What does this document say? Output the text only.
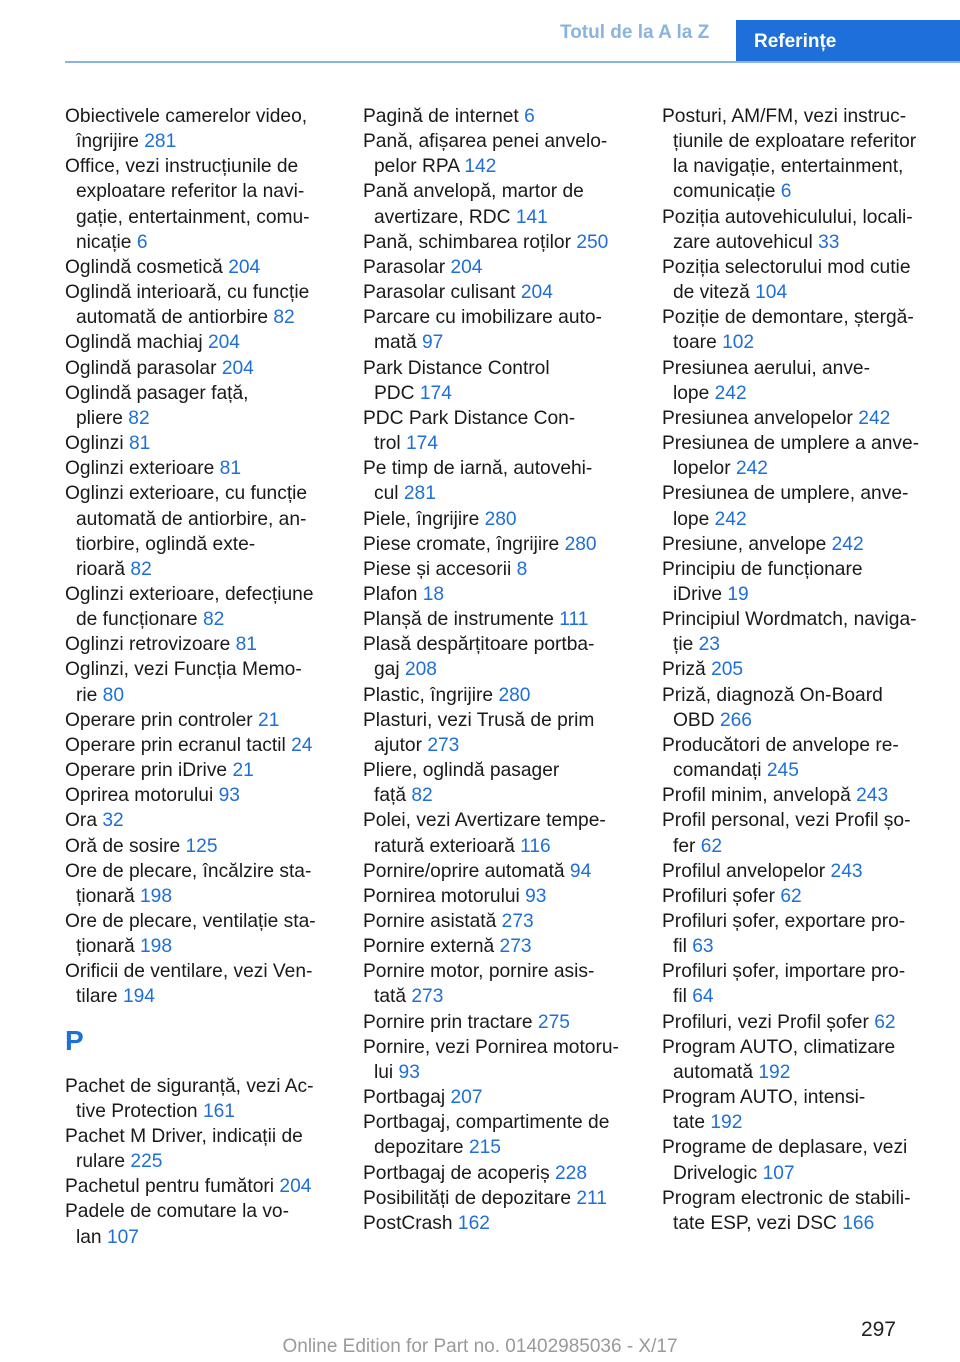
Totul de la A la Z	Referințe
Obiectivele camerelor video,
îngrijire 281
Office, vezi instrucțiunile de
exploatare referitor la navi-
gație, entertainment, comu-
nicație 6
Oglindă cosmetică 204
Oglindă interioară, cu funcție
automată de antiorbire 82
Oglindă machiaj 204
Oglindă parasolar 204
Oglindă pasager față,
pliere 82
Oglinzi 81
Oglinzi exterioare 81
Oglinzi exterioare, cu funcție
automată de antiorbire, an-
tiorbire, oglindă exte-
rioară 82
Oglinzi exterioare, defecțiune
de funcționare 82
Oglinzi retrovizoare 81
Oglinzi, vezi Funcția Memo-
rie 80
Operare prin controler 21
Operare prin ecranul tactil 24
Operare prin iDrive 21
Oprirea motorului 93
Ora 32
Oră de sosire 125
Ore de plecare, încălzire sta-
ționară 198
Ore de plecare, ventilație sta-
ționară 198
Orificii de ventilare, vezi Ven-
tilare 194
P
Pachet de siguranță, vezi Ac-
tive Protection 161
Pachet M Driver, indicații de
rulare 225
Pachetul pentru fumători 204
Padele de comutare la vo-
lan 107
Pagină de internet 6
Pană, afișarea penei anvelo-
pelor RPA 142
Pană anvelopă, martor de
avertizare, RDC 141
Pană, schimbarea roților 250
Parasolar 204
Parasolar culisant 204
Parcare cu imobilizare auto-
mată 97
Park Distance Control
PDC 174
PDC Park Distance Con-
trol 174
Pe timp de iarnă, autovehi-
cul 281
Piele, îngrijire 280
Piese cromate, îngrijire 280
Piese și accesorii 8
Plafon 18
Planșă de instrumente 111
Plasă despărțitoare portba-
gaj 208
Plastic, îngrijire 280
Plasturi, vezi Trusă de prim
ajutor 273
Pliere, oglindă pasager
față 82
Polei, vezi Avertizare tempe-
ratură exterioară 116
Pornire/oprire automată 94
Pornirea motorului 93
Pornire asistată 273
Pornire externă 273
Pornire motor, pornire asis-
tată 273
Pornire prin tractare 275
Pornire, vezi Pornirea motoru-
lui 93
Portbagaj 207
Portbagaj, compartimente de
depozitare 215
Portbagaj de acoperiș 228
Posibilități de depozitare 211
PostCrash 162
Posturi, AM/FM, vezi instruc-
țiunile de exploatare referitor
la navigație, entertainment,
comunicație 6
Poziția autovehiculului, locali-
zare autovehicul 33
Poziția selectorului mod cutie
de viteză 104
Poziție de demontare, ștergă-
toare 102
Presiunea aerului, anve-
lope 242
Presiunea anvelopelor 242
Presiunea de umplere a anve-
lopelor 242
Presiunea de umplere, anve-
lope 242
Presiune, anvelope 242
Principiu de funcționare
iDrive 19
Principiul Wordmatch, naviga-
ție 23
Priză 205
Priză, diagnoză On-Board
OBD 266
Producători de anvelope re-
comandați 245
Profil minim, anvelopă 243
Profil personal, vezi Profil șo-
fer 62
Profilul anvelopelor 243
Profiluri șofer 62
Profiluri șofer, exportare pro-
fil 63
Profiluri șofer, importare pro-
fil 64
Profiluri, vezi Profil șofer 62
Program AUTO, climatizare
automată 192
Program AUTO, intensi-
tate 192
Programe de deplasare, vezi
Drivelogic 107
Program electronic de stabili-
tate ESP, vezi DSC 166
297
Online Edition for Part no. 01402985036 - X/17
